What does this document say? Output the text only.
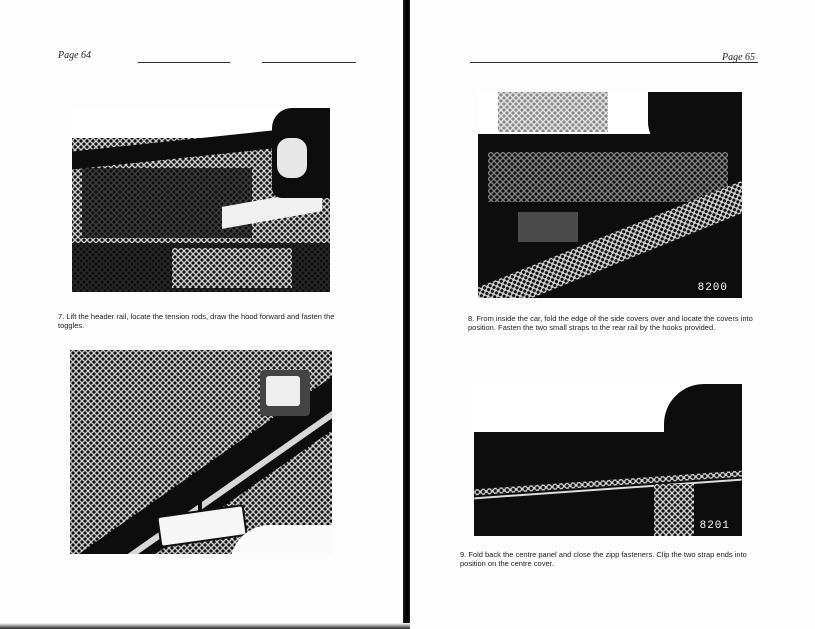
Page 64
7. Lift the header rail, locate the tension rods, draw the hood forward and fasten the toggles.
Page 65
8200
8. From inside the car, fold the edge of the side covers over and locate the covers into position. Fasten the two small straps to the rear rail by the hooks provided.
8201
9. Fold back the centre panel and close the zipp fasteners. Clip the two strap ends into position on the centre cover.
